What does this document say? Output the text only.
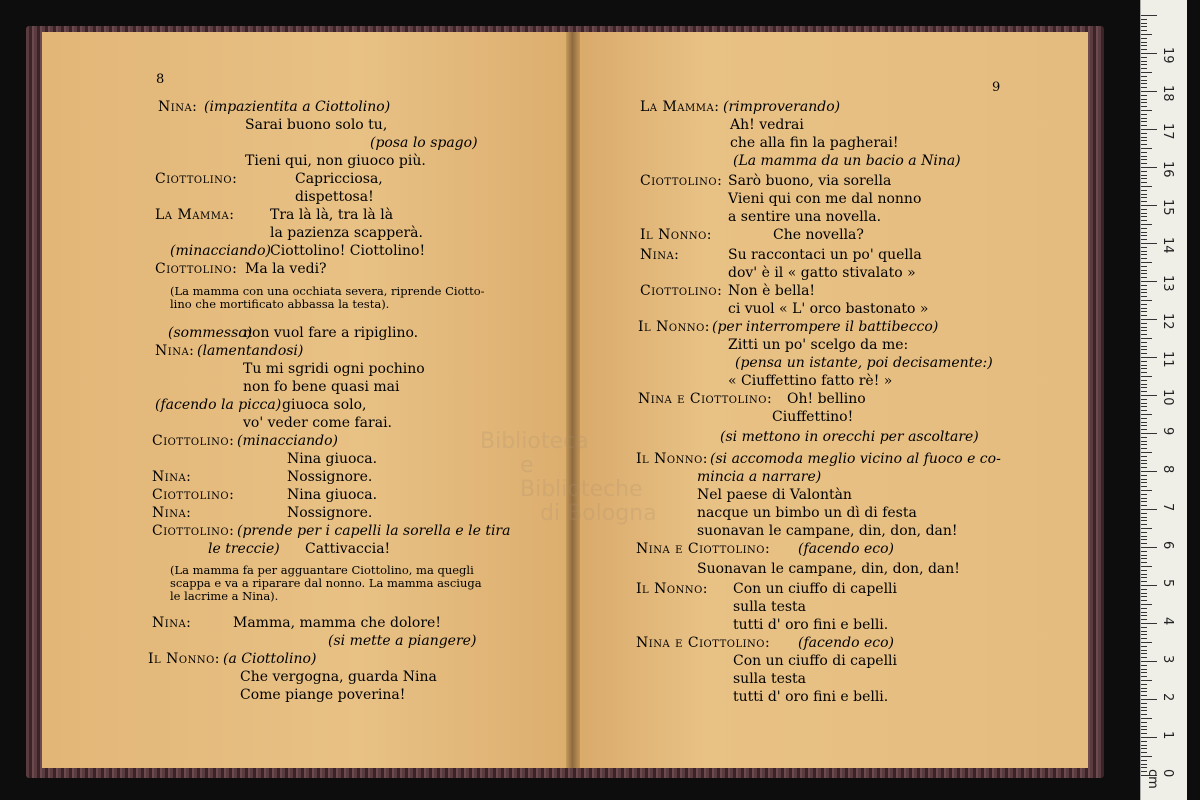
8
9
Nina: (impazientita a Ciottolino)
Sarai buono solo tu,
(posa lo spago)
Tieni qui, non giuoco più.
Ciottolino:	Capricciosa,
dispettosa!
La Mamma:	Tra là là, tra là là
la pazienza scapperà.
(minacciando) Ciottolino! Ciottolino!
Ciottolino: Ma la vedi?
(sommesso)
non vuol fare a ripiglino.
Nina: (lamentandosi)
Tu mi sgridi ogni pochino
non fo bene quasi mai
(facendo la picca) giuoca solo,
vo' veder come farai.
Ciottolino: (minacciando)
Nina giuoca.
Nina:	Nossignore.
Ciottolino:	Nina giuoca.
Nina:	Nossignore.
Ciottolino: (prende per i capelli la sorella e le tira
le treccie) Cattivaccia!
Nina:	Mamma, mamma che dolore!
(si mette a piangere)
Il Nonno: (a Ciottolino)
Che vergogna, guarda Nina
Come piange poverina!
La Mamma: (rimproverando)
Ah! vedrai
che alla fin la pagherai!
(La mamma da un bacio a Nina)
Ciottolino: Sarò buono, via sorella
Vieni qui con me dal nonno
a sentire una novella.
Il Nonno:	Che novella?
Nina:	Su raccontaci un po' quella
dov' è il « gatto stivalato »
Ciottolino: Non è bella!
ci vuol « L' orco bastonato »
Il Nonno: (per interrompere il battibecco)
Zitti un po' scelgo da me:
(pensa un istante, poi decisamente:)
« Ciuffettino fatto rè! »
Nina e Ciottolino: Oh! bellino
Ciuffettino!
(si mettono in orecchi per ascoltare)
Il Nonno: (si accomoda meglio vicino al fuoco e co-
mincia a narrare)
Nel paese di Valontàn
nacque un bimbo un dì di festa
suonavan le campane, din, don, dan!
Nina e Ciottolino: (facendo eco)
Suonavan le campane, din, don, dan!
Il Nonno: Con un ciuffo di capelli
sulla testa
tutti d' oro fini e belli.
Nina e Ciottolino: (facendo eco)
Con un ciuffo di capelli
sulla testa
tutti d' oro fini e belli.
(La mamma con una occhiata severa, riprende Ciotto-
lino che mortificato abbassa la testa).
(La mamma fa per agguantare Ciottolino, ma quegli
scappa e va a riparare dal nonno. La mamma asciuga
le lacrime a Nina).
Biblioteca
e Biblioteche
di Bologna
19
18
17
16
15
14
13
12
11
10
9
8
7
6
5
4
3
2
1
0 cm
